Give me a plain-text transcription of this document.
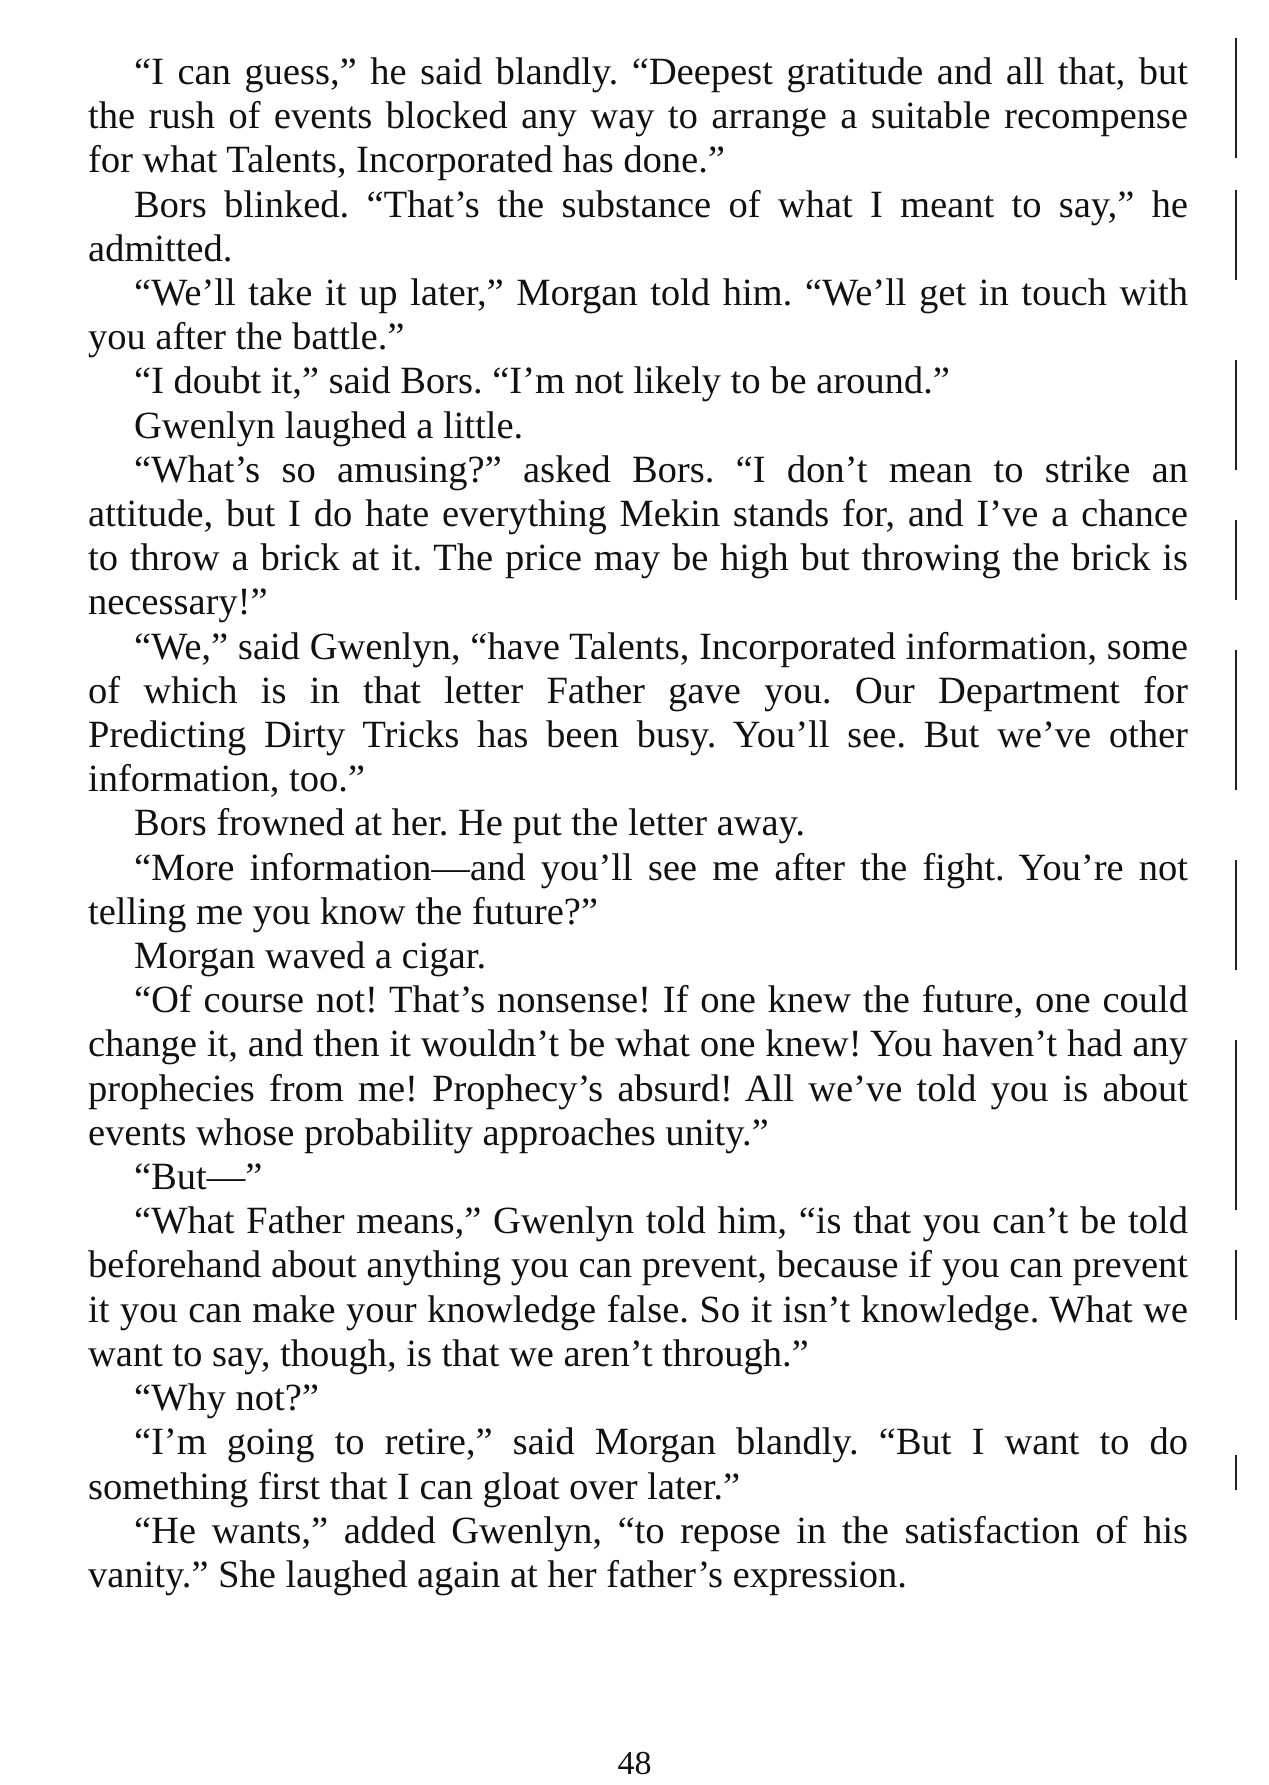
“I can guess,” he said blandly. “Deepest gratitude and all that, but the rush of events blocked any way to arrange a suitable recompense for what Talents, Incorporated has done.”

Bors blinked. “That’s the substance of what I meant to say,” he admitted.

“We’ll take it up later,” Morgan told him. “We’ll get in touch with you after the battle.”

“I doubt it,” said Bors. “I’m not likely to be around.”

Gwenlyn laughed a little.

“What’s so amusing?” asked Bors. “I don’t mean to strike an attitude, but I do hate everything Mekin stands for, and I’ve a chance to throw a brick at it. The price may be high but throwing the brick is necessary!”

“We,” said Gwenlyn, “have Talents, Incorporated information, some of which is in that letter Father gave you. Our Department for Predicting Dirty Tricks has been busy. You’ll see. But we’ve other information, too.”

Bors frowned at her. He put the letter away.

“More information—and you’ll see me after the fight. You’re not telling me you know the future?”

Morgan waved a cigar.

“Of course not! That’s nonsense! If one knew the future, one could change it, and then it wouldn’t be what one knew! You haven’t had any prophecies from me! Prophecy’s absurd! All we’ve told you is about events whose probability approaches unity.”

“But—”

“What Father means,” Gwenlyn told him, “is that you can’t be told beforehand about anything you can prevent, because if you can prevent it you can make your knowledge false. So it isn’t knowledge. What we want to say, though, is that we aren’t through.”

“Why not?”

“I’m going to retire,” said Morgan blandly. “But I want to do something first that I can gloat over later.”

“He wants,” added Gwenlyn, “to repose in the satisfaction of his vanity.” She laughed again at her father’s expression.

48
